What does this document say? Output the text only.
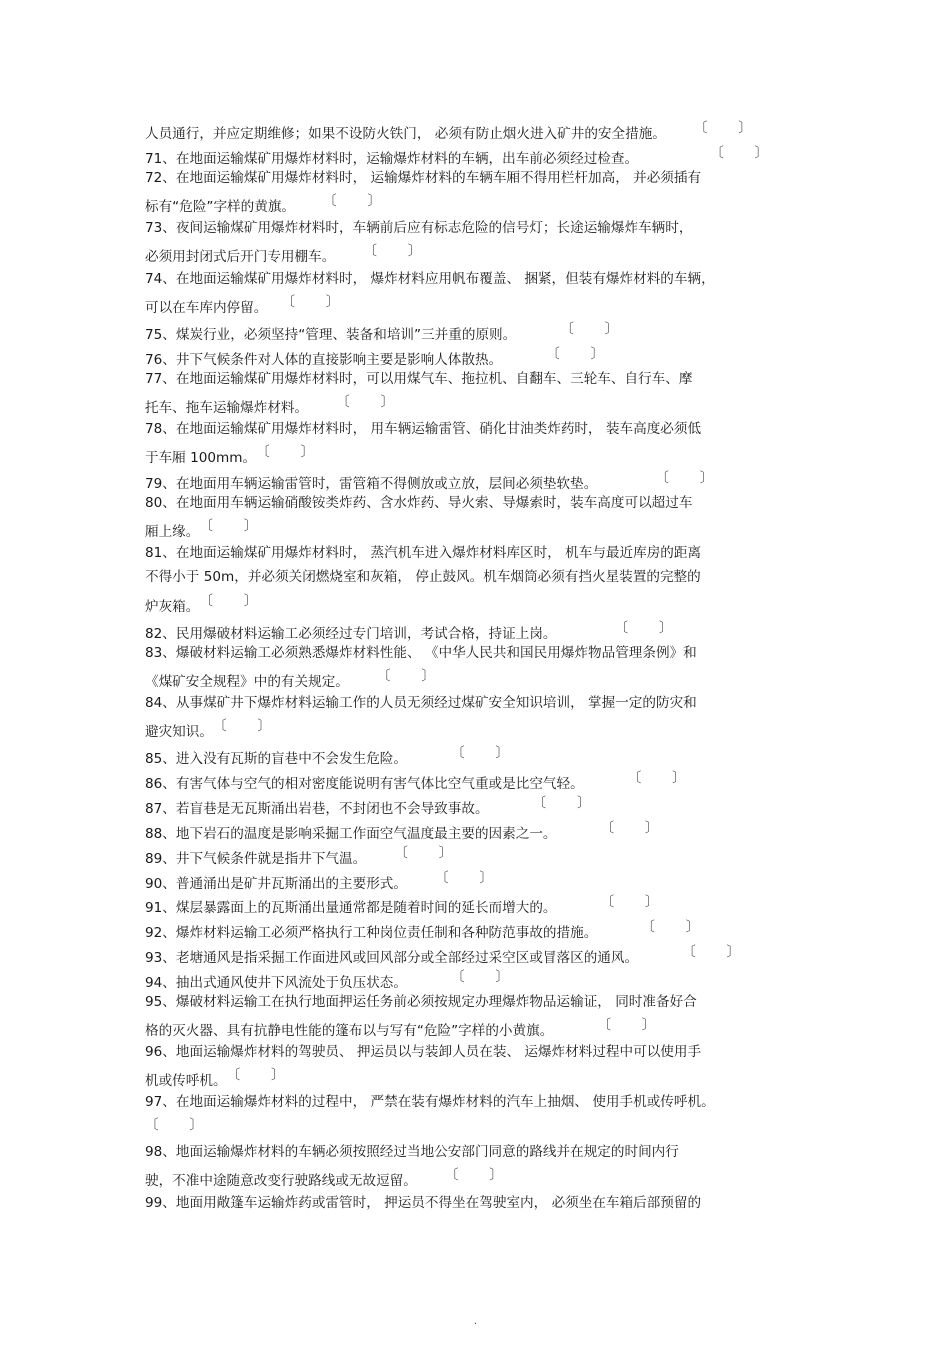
人员通行，并应定期维修；如果不设防火铁门， 必须有防止烟火进入矿井的安全措施。 〔 〕
71、在地面运输煤矿用爆炸材料时，运输爆炸材料的车辆，出车前必须经过检查。	〔 〕
72、在地面运输煤矿用爆炸材料时， 运输爆炸材料的车辆车厢不得用栏杆加高， 并必须插有
标有“危险”字样的黄旗。 〔 〕
73、夜间运输煤矿用爆炸材料时，车辆前后应有标志危险的信号灯；长途运输爆炸车辆时，
必须用封闭式后开门专用棚车。 〔 〕
74、在地面运输煤矿用爆炸材料时， 爆炸材料应用帆布覆盖、 捆紧，但装有爆炸材料的车辆，
可以在车库内停留。 〔 〕
75、煤炭行业，必须坚持“管理、装备和培训”三并重的原则。	〔 〕
76、井下气候条件对人体的直接影响主要是影响人体散热。	〔 〕
77、在地面运输煤矿用爆炸材料时，可以用煤气车、拖拉机、自翻车、三轮车、自行车、摩
托车、拖车运输爆炸材料。 〔 〕
78、在地面运输煤矿用爆炸材料时， 用车辆运输雷管、硝化甘油类炸药时， 装车高度必须低
于车厢 100mm。 〔 〕
79、在地面用车辆运输雷管时，雷管箱不得侧放或立放，层间必须垫软垫。	〔 〕
80、在地面用车辆运输硝酸铵类炸药、含水炸药、导火索、导爆索时，装车高度可以超过车
厢上缘。 〔 〕
81、在地面运输煤矿用爆炸材料时， 蒸汽机车进入爆炸材料库区时， 机车与最近库房的距离
不得小于 50m，并必须关闭燃烧室和灰箱， 停止鼓风。机车烟筒必须有挡火星装置的完整的
炉灰箱。 〔 〕
82、民用爆破材料运输工必须经过专门培训，考试合格，持证上岗。	〔 〕
83、爆破材料运输工必须熟悉爆炸材料性能、 《中华人民共和国民用爆炸物品管理条例》和
《煤矿安全规程》中的有关规定。 〔 〕
84、从事煤矿井下爆炸材料运输工作的人员无须经过煤矿安全知识培训， 掌握一定的防灾和
避灾知识。 〔 〕
85、进入没有瓦斯的盲巷中不会发生危险。	〔 〕
86、有害气体与空气的相对密度能说明有害气体比空气重或是比空气轻。	〔 〕
87、若盲巷是无瓦斯涌出岩巷，不封闭也不会导致事故。	〔 〕
88、地下岩石的温度是影响采掘工作面空气温度最主要的因素之一。	〔 〕
89、井下气候条件就是指井下气温。 〔 〕
90、普通涌出是矿井瓦斯涌出的主要形式。 〔 〕
91、煤层暴露面上的瓦斯涌出量通常都是随着时间的延长而增大的。	〔 〕
92、爆炸材料运输工必须严格执行工种岗位责任制和各种防范事故的措施。	〔 〕
93、老塘通风是指采掘工作面进风或回风部分或全部经过采空区或冒落区的通风。	〔 〕
94、抽出式通风使井下风流处于负压状态。	〔 〕
95、爆破材料运输工在执行地面押运任务前必须按规定办理爆炸物品运输证， 同时准备好合
格的灭火器、具有抗静电性能的篷布以与写有“危险”字样的小黄旗。	〔 〕
96、地面运输爆炸材料的驾驶员、 押运员以与装卸人员在装、 运爆炸材料过程中可以使用手
机或传呼机。 〔 〕
97、在地面运输爆炸材料的过程中， 严禁在装有爆炸材料的汽车上抽烟、 使用手机或传呼机。
〔 〕
98、地面运输爆炸材料的车辆必须按照经过当地公安部门同意的路线并在规定的时间内行
驶，不准中途随意改变行驶路线或无故逗留。 〔 〕
99、地面用敞篷车运输炸药或雷管时， 押运员不得坐在驾驶室内， 必须坐在车箱后部预留的
.
